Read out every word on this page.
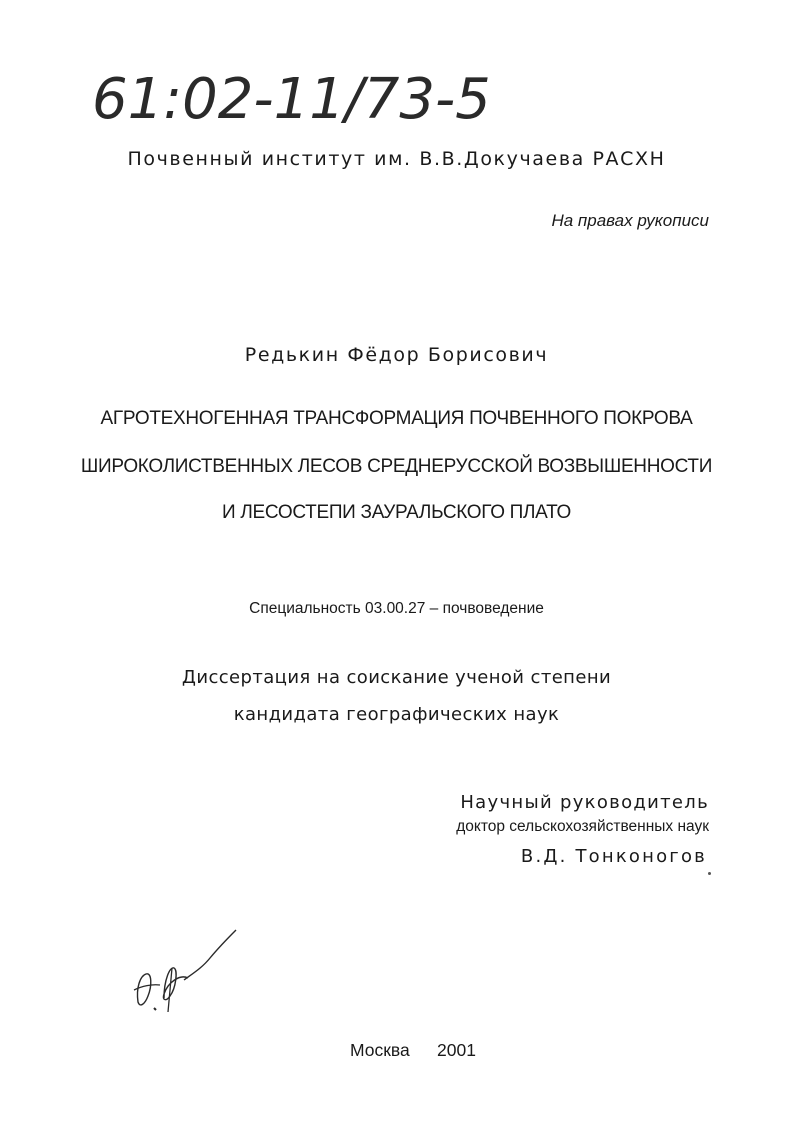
61:02-11/73-5
Почвенный институт им. В.В.Докучаева РАСХН
На правах рукописи
Редькин Фёдор Борисович
АГРОТЕХНОГЕННАЯ ТРАНСФОРМАЦИЯ ПОЧВЕННОГО ПОКРОВА
ШИРОКОЛИСТВЕННЫХ ЛЕСОВ СРЕДНЕРУССКОЙ ВОЗВЫШЕННОСТИ
И ЛЕСОСТЕПИ ЗАУРАЛЬСКОГО ПЛАТО
Специальность 03.00.27 – почвоведение
Диссертация на соискание ученой степени
кандидата географических наук
Научный руководитель
доктор сельскохозяйственных наук
В.Д. Тонконогов
Москва 2001
